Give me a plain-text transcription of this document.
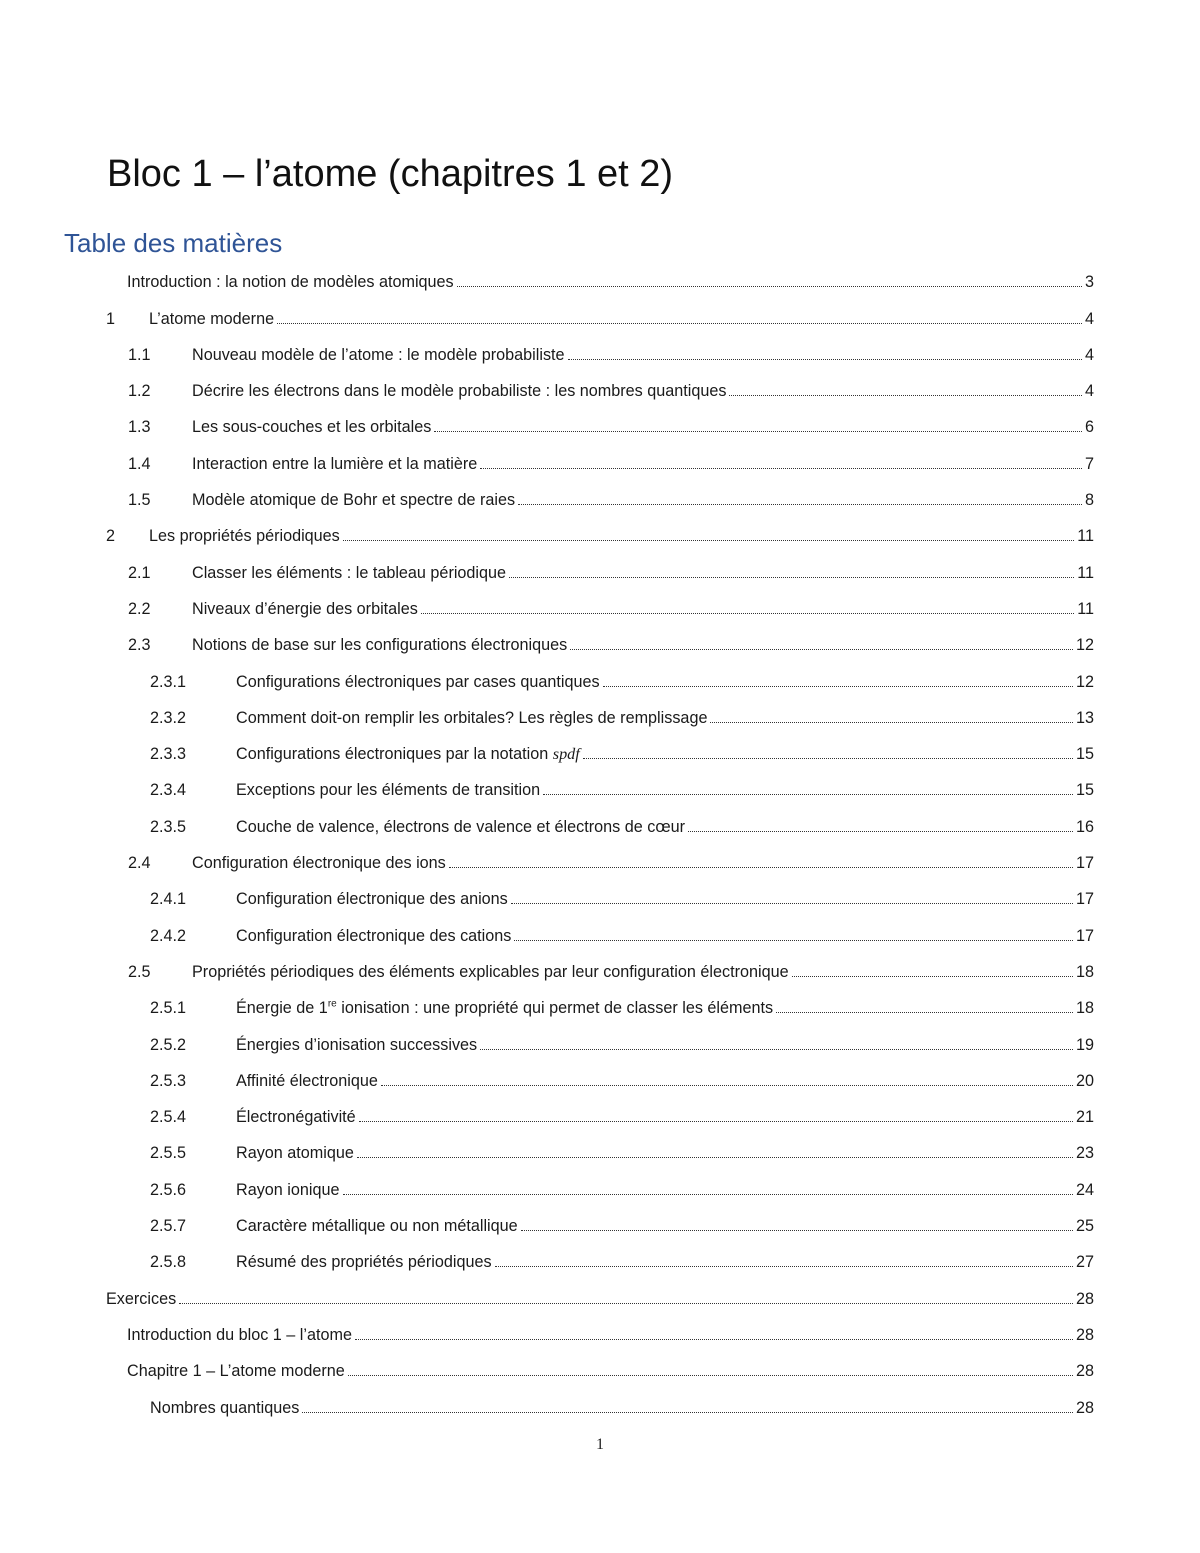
Bloc 1 – l’atome (chapitres 1 et 2)
Table des matières
Introduction : la notion de modèles atomiques	3
1	L’atome moderne	4
1.1	Nouveau modèle de l’atome : le modèle probabiliste	4
1.2	Décrire les électrons dans le modèle probabiliste : les nombres quantiques	4
1.3	Les sous-couches et les orbitales	6
1.4	Interaction entre la lumière et la matière	7
1.5	Modèle atomique de Bohr et spectre de raies	8
2	Les propriétés périodiques	11
2.1	Classer les éléments : le tableau périodique	11
2.2	Niveaux d’énergie des orbitales	11
2.3	Notions de base sur les configurations électroniques	12
2.3.1	Configurations électroniques par cases quantiques	12
2.3.2	Comment doit-on remplir les orbitales? Les règles de remplissage	13
2.3.3	Configurations électroniques par la notation spdf	15
2.3.4	Exceptions pour les éléments de transition	15
2.3.5	Couche de valence, électrons de valence et électrons de cœur	16
2.4	Configuration électronique des ions	17
2.4.1	Configuration électronique des anions	17
2.4.2	Configuration électronique des cations	17
2.5	Propriétés périodiques des éléments explicables par leur configuration électronique	18
2.5.1	Énergie de 1re ionisation : une propriété qui permet de classer les éléments	18
2.5.2	Énergies d’ionisation successives	19
2.5.3	Affinité électronique	20
2.5.4	Électronégativité	21
2.5.5	Rayon atomique	23
2.5.6	Rayon ionique	24
2.5.7	Caractère métallique ou non métallique	25
2.5.8	Résumé des propriétés périodiques	27
Exercices	28
Introduction du bloc 1 – l’atome	28
Chapitre 1 – L’atome moderne	28
Nombres quantiques	28
1
